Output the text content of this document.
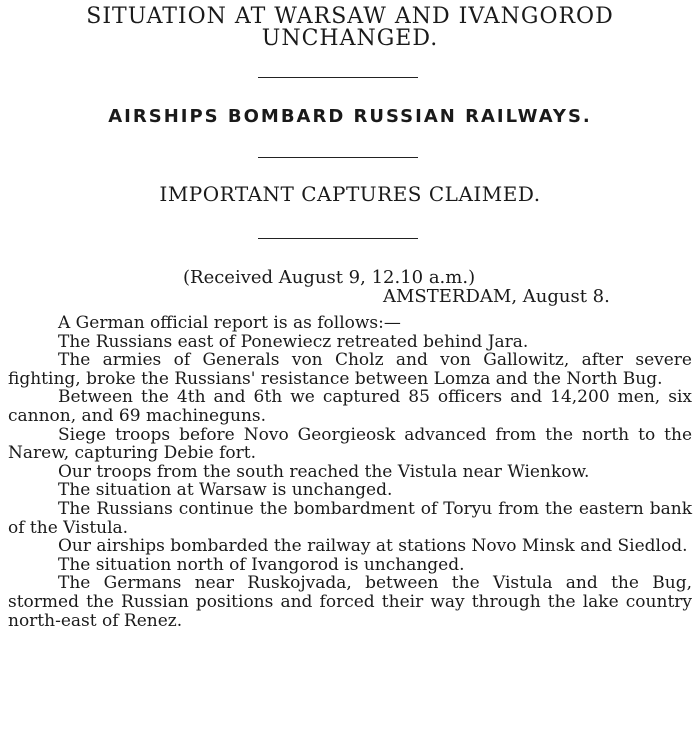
SITUATION AT WARSAW AND IVANGOROD
UNCHANGED.
AIRSHIPS BOMBARD RUSSIAN RAILWAYS.
IMPORTANT CAPTURES CLAIMED.
(Received August 9, 12.10 a.m.)
AMSTERDAM, August 8.

A German official report is as follows:—

The Russians east of Ponewiecz retreated behind Jara.

The armies of Generals von Cholz and von Gallowitz, after severe fighting, broke the Russians' resistance between Lomza and the North Bug.

Between the 4th and 6th we captured 85 officers and 14,200 men, six cannon, and 69 machineguns.

Siege troops before Novo Georgieosk advanced from the north to the Narew, capturing Debie fort.

Our troops from the south reached the Vistula near Wienkow.

The situation at Warsaw is unchanged.

The Russians continue the bombardment of Toryu from the eastern bank of the Vistula.

Our airships bombarded the railway at stations Novo Minsk and Siedlod.

The situation north of Ivangorod is unchanged.

The Germans near Ruskojvada, between the Vistula and the Bug, stormed the Russian positions and forced their way through the lake country north-east of Renez.
